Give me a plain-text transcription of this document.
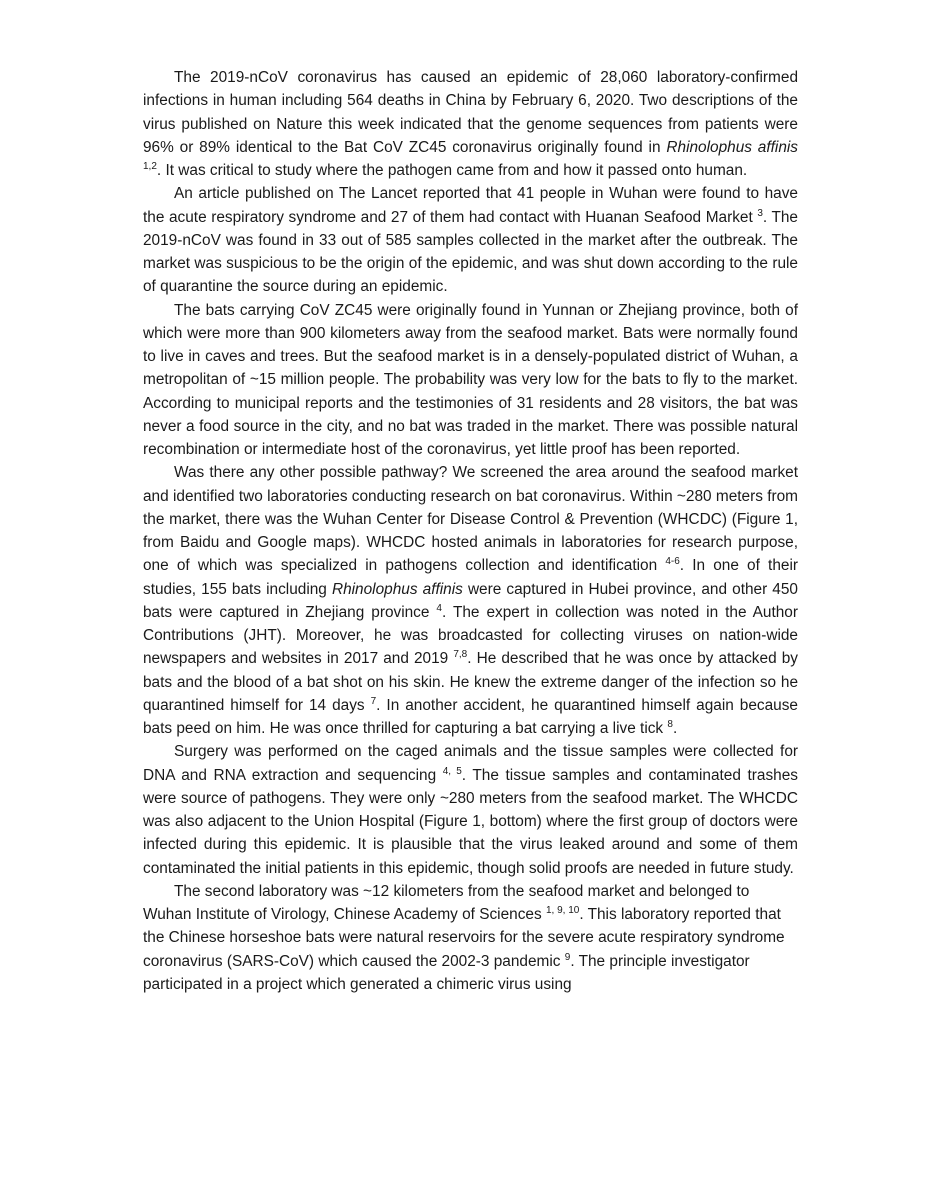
The 2019-nCoV coronavirus has caused an epidemic of 28,060 laboratory-confirmed infections in human including 564 deaths in China by February 6, 2020. Two descriptions of the virus published on Nature this week indicated that the genome sequences from patients were 96% or 89% identical to the Bat CoV ZC45 coronavirus originally found in Rhinolophus affinis $^{1,2}$. It was critical to study where the pathogen came from and how it passed onto human.

An article published on The Lancet reported that 41 people in Wuhan were found to have the acute respiratory syndrome and 27 of them had contact with Huanan Seafood Market $^3$. The 2019-nCoV was found in 33 out of 585 samples collected in the market after the outbreak. The market was suspicious to be the origin of the epidemic, and was shut down according to the rule of quarantine the source during an epidemic.

The bats carrying CoV ZC45 were originally found in Yunnan or Zhejiang province, both of which were more than 900 kilometers away from the seafood market. Bats were normally found to live in caves and trees. But the seafood market is in a densely-populated district of Wuhan, a metropolitan of ~15 million people. The probability was very low for the bats to fly to the market. According to municipal reports and the testimonies of 31 residents and 28 visitors, the bat was never a food source in the city, and no bat was traded in the market. There was possible natural recombination or intermediate host of the coronavirus, yet little proof has been reported.

Was there any other possible pathway? We screened the area around the seafood market and identified two laboratories conducting research on bat coronavirus. Within ~280 meters from the market, there was the Wuhan Center for Disease Control & Prevention (WHCDC) (Figure 1, from Baidu and Google maps). WHCDC hosted animals in laboratories for research purpose, one of which was specialized in pathogens collection and identification $^{4-6}$. In one of their studies, 155 bats including Rhinolophus affinis were captured in Hubei province, and other 450 bats were captured in Zhejiang province $^4$. The expert in collection was noted in the Author Contributions (JHT). Moreover, he was broadcasted for collecting viruses on nation-wide newspapers and websites in 2017 and 2019 $^{7,8}$. He described that he was once by attacked by bats and the blood of a bat shot on his skin. He knew the extreme danger of the infection so he quarantined himself for 14 days $^7$. In another accident, he quarantined himself again because bats peed on him. He was once thrilled for capturing a bat carrying a live tick $^8$.

Surgery was performed on the caged animals and the tissue samples were collected for DNA and RNA extraction and sequencing $^{4, 5}$. The tissue samples and contaminated trashes were source of pathogens. They were only ~280 meters from the seafood market. The WHCDC was also adjacent to the Union Hospital (Figure 1, bottom) where the first group of doctors were infected during this epidemic. It is plausible that the virus leaked around and some of them contaminated the initial patients in this epidemic, though solid proofs are needed in future study.

The second laboratory was ~12 kilometers from the seafood market and belonged to Wuhan Institute of Virology, Chinese Academy of Sciences $^{1, 9, 10}$. This laboratory reported that the Chinese horseshoe bats were natural reservoirs for the severe acute respiratory syndrome coronavirus (SARS-CoV) which caused the 2002-3 pandemic $^9$. The principle investigator participated in a project which generated a chimeric virus using
